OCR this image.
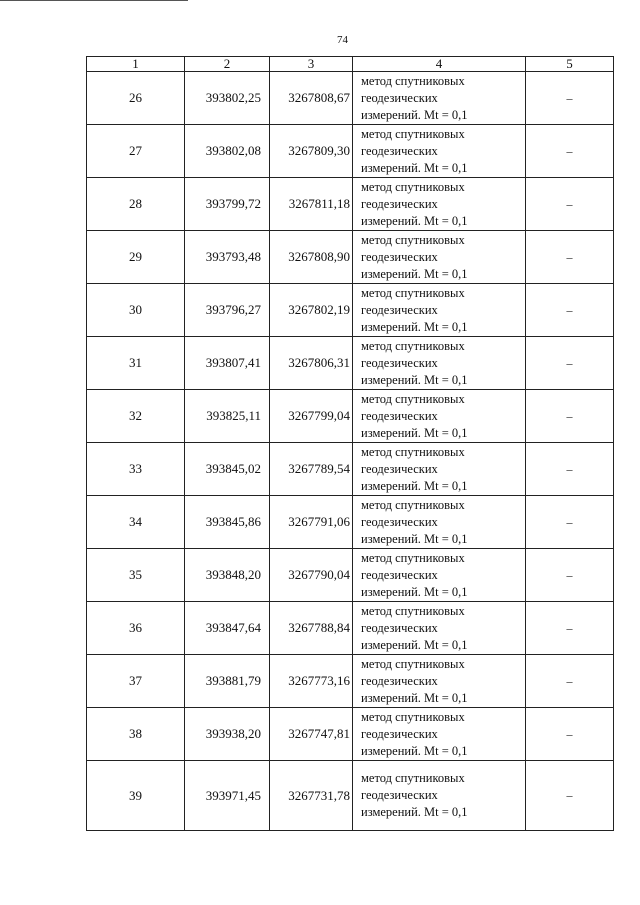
74
1	2	3	4	5
26	393802,25	3267808,67	метод спутниковых
геодезических
измерений. Mt = 0,1	–
27	393802,08	3267809,30	метод спутниковых
геодезических
измерений. Mt = 0,1	–
28	393799,72	3267811,18	метод спутниковых
геодезических
измерений. Mt = 0,1	–
29	393793,48	3267808,90	метод спутниковых
геодезических
измерений. Mt = 0,1	–
30	393796,27	3267802,19	метод спутниковых
геодезических
измерений. Mt = 0,1	–
31	393807,41	3267806,31	метод спутниковых
геодезических
измерений. Mt = 0,1	–
32	393825,11	3267799,04	метод спутниковых
геодезических
измерений. Mt = 0,1	–
33	393845,02	3267789,54	метод спутниковых
геодезических
измерений. Mt = 0,1	–
34	393845,86	3267791,06	метод спутниковых
геодезических
измерений. Mt = 0,1	–
35	393848,20	3267790,04	метод спутниковых
геодезических
измерений. Mt = 0,1	–
36	393847,64	3267788,84	метод спутниковых
геодезических
измерений. Mt = 0,1	–
37	393881,79	3267773,16	метод спутниковых
геодезических
измерений. Mt = 0,1	–
38	393938,20	3267747,81	метод спутниковых
геодезических
измерений. Mt = 0,1	–
39	393971,45	3267731,78	метод спутниковых
геодезических
измерений. Mt = 0,1	–
